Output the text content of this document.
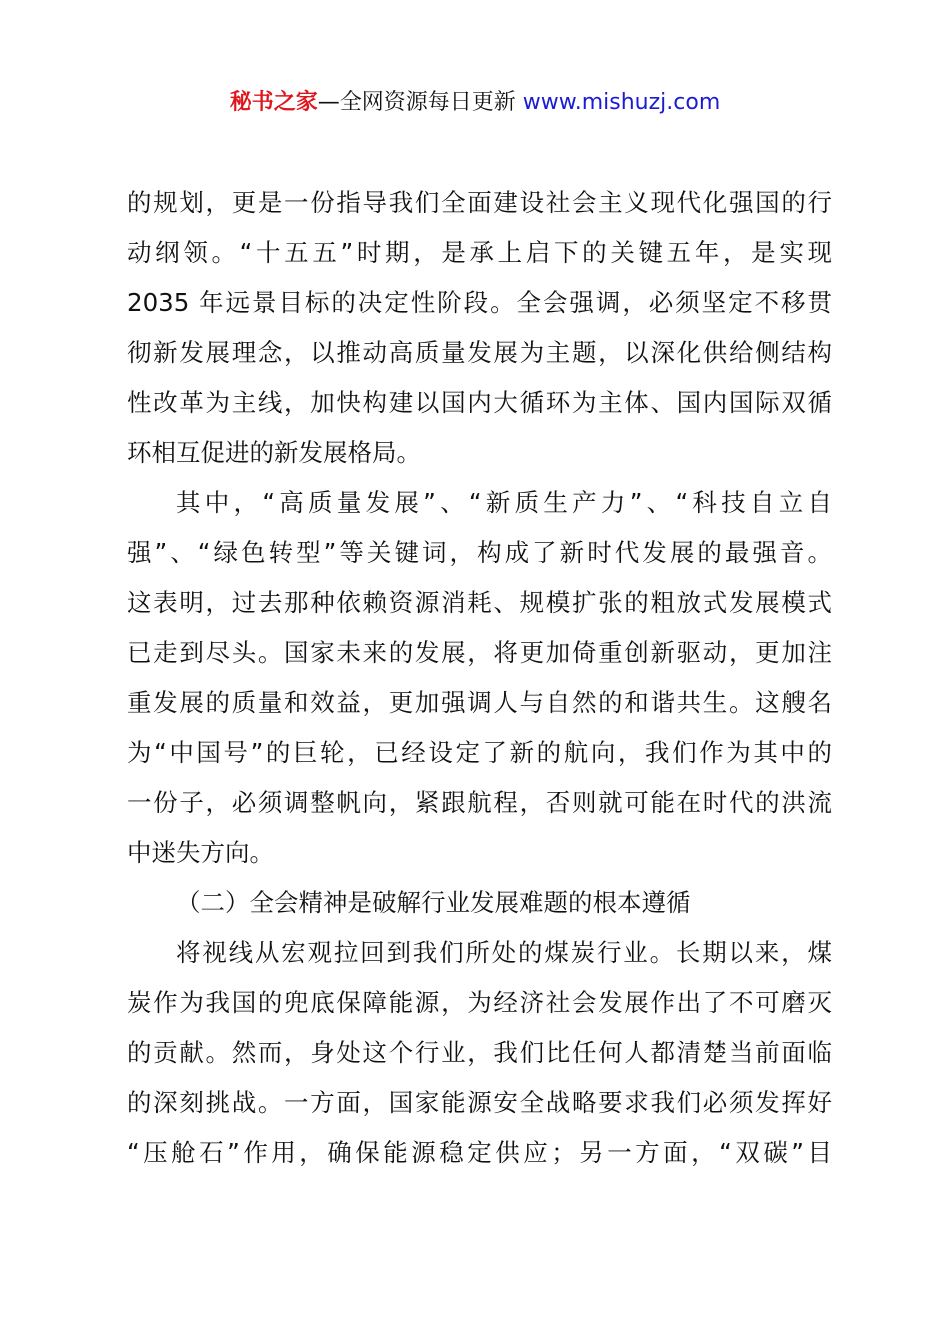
秘书之家—全网资源每日更新 www.mishuzj.com
的规划，更是一份指导我们全面建设社会主义现代化强国的行
动纲领。“十五五”时期，是承上启下的关键五年，是实现
2035 年远景目标的决定性阶段。全会强调，必须坚定不移贯
彻新发展理念，以推动高质量发展为主题，以深化供给侧结构
性改革为主线，加快构建以国内大循环为主体、国内国际双循
环相互促进的新发展格局。
其中，“高质量发展”、“新质生产力”、“科技自立自
强”、“绿色转型”等关键词，构成了新时代发展的最强音。
这表明，过去那种依赖资源消耗、规模扩张的粗放式发展模式
已走到尽头。国家未来的发展，将更加倚重创新驱动，更加注
重发展的质量和效益，更加强调人与自然的和谐共生。这艘名
为“中国号”的巨轮，已经设定了新的航向，我们作为其中的
一份子，必须调整帆向，紧跟航程，否则就可能在时代的洪流
中迷失方向。
（二）全会精神是破解行业发展难题的根本遵循
将视线从宏观拉回到我们所处的煤炭行业。长期以来，煤
炭作为我国的兜底保障能源，为经济社会发展作出了不可磨灭
的贡献。然而，身处这个行业，我们比任何人都清楚当前面临
的深刻挑战。一方面，国家能源安全战略要求我们必须发挥好
“压舱石”作用，确保能源稳定供应；另一方面，“双碳”目
